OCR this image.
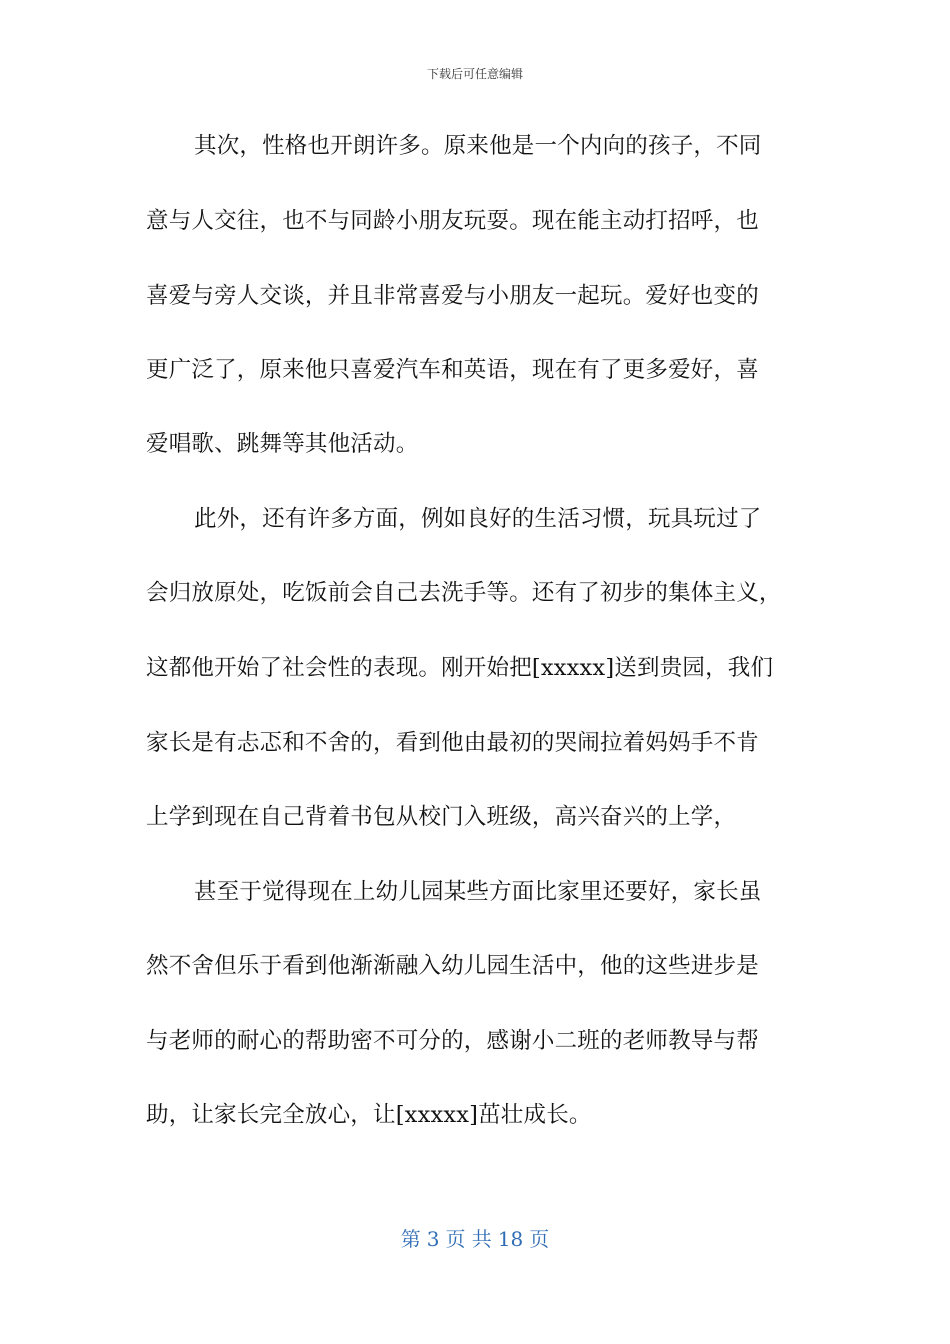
下载后可任意编辑
其次，性格也开朗许多。原来他是一个内向的孩子，不同
意与人交往，也不与同龄小朋友玩耍。现在能主动打招呼，也
喜爱与旁人交谈，并且非常喜爱与小朋友一起玩。爱好也变的
更广泛了，原来他只喜爱汽车和英语，现在有了更多爱好，喜
爱唱歌、跳舞等其他活动。
此外，还有许多方面，例如良好的生活习惯，玩具玩过了
会归放原处，吃饭前会自己去洗手等。还有了初步的集体主义，
这都他开始了社会性的表现。刚开始把[xxxxx]送到贵园，我们
家长是有忐忑和不舍的，看到他由最初的哭闹拉着妈妈手不肯
上学到现在自己背着书包从校门入班级，高兴奋兴的上学，
甚至于觉得现在上幼儿园某些方面比家里还要好，家长虽
然不舍但乐于看到他渐渐融入幼儿园生活中，他的这些进步是
与老师的耐心的帮助密不可分的，感谢小二班的老师教导与帮
助，让家长完全放心，让[xxxxx]茁壮成长。
第 3 页 共 18 页
